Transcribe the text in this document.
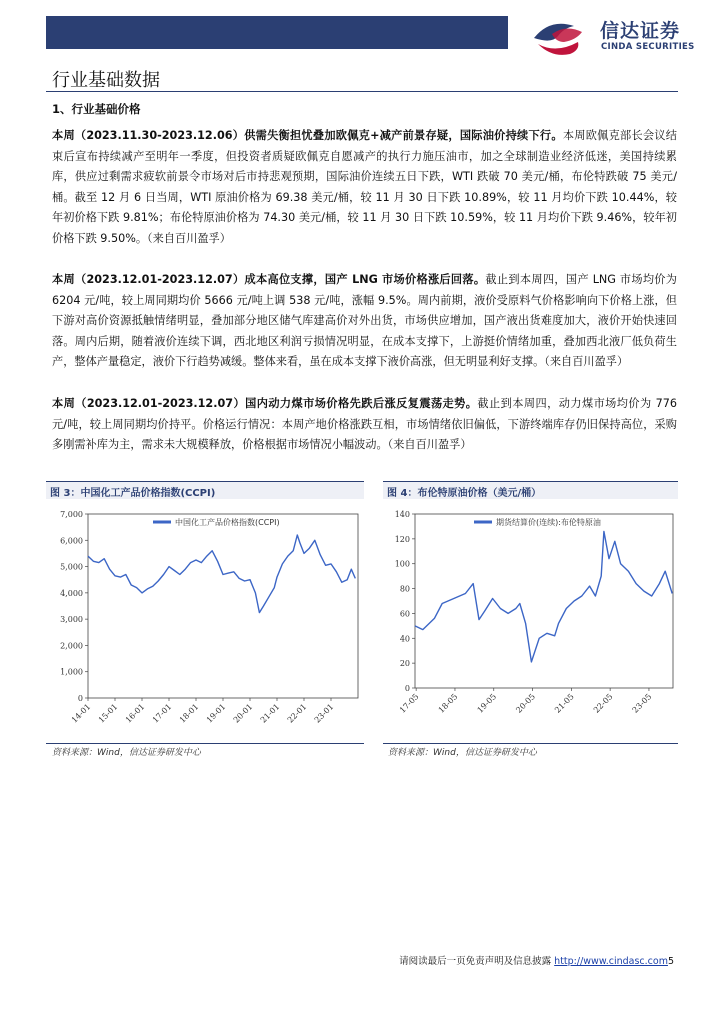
信达证券
CINDA SECURITIES
行业基础数据
1、行业基础价格

本周（2023.11.30-2023.12.06）供需失衡担忧叠加欧佩克+减产前景存疑，国际油价持续下行。本周欧佩克部长会议结束后宣布持续减产至明年一季度，但投资者质疑欧佩克自愿减产的执行力施压油市，加之全球制造业经济低迷，美国持续累库，供应过剩需求疲软前景令市场对后市持悲观预期，国际油价连续五日下跌，WTI 跌破 70 美元/桶，布伦特跌破 75 美元/桶。截至 12 月 6 日当周，WTI 原油价格为 69.38 美元/桶，较 11 月 30 日下跌 10.89%，较 11 月均价下跌 10.44%，较年初价格下跌 9.81%；布伦特原油价格为 74.30 美元/桶，较 11 月 30 日下跌 10.59%，较 11 月均价下跌 9.46%，较年初价格下跌 9.50%。（来自百川盈孚）

本周（2023.12.01-2023.12.07）成本高位支撑，国产 LNG 市场价格涨后回落。截止到本周四，国产 LNG 市场均价为 6204 元/吨，较上周同期均价 5666 元/吨上调 538 元/吨，涨幅 9.5%。周内前期，液价受原料气价格影响向下价格上涨，但下游对高价资源抵触情绪明显，叠加部分地区储气库建高价对外出货，市场供应增加，国产液出货难度加大，液价开始快速回落。周内后期，随着液价连续下调，西北地区利润亏损情况明显，在成本支撑下，上游挺价情绪加重，叠加西北液厂低负荷生产，整体产量稳定，液价下行趋势减缓。整体来看，虽在成本支撑下液价高涨，但无明显利好支撑。（来自百川盈孚）

本周（2023.12.01-2023.12.07）国内动力煤市场价格先跌后涨反复震荡走势。截止到本周四，动力煤市场均价为 776 元/吨，较上周同期均价持平。价格运行情况：本周产地价格涨跌互相，市场情绪依旧偏低，下游终端库存仍旧保持高位，采购多刚需补库为主，需求未大规模释放，价格根据市场情况小幅波动。（来自百川盈孚）

图 3：中国化工产品价格指数(CCPI)	图 4：布伦特原油价格（美元/桶）
0
1,000
2,000
3,000
4,000
5,000
6,000
7,000
14-01 15-01 16-01 17-01 18-01 19-01 20-01 21-01 22-01 23-01
中国化工产品价格指数(CCPI)
0
20
40
60
80
100
120
140
17-05 18-05 19-05 20-05 21-05 22-05 23-05
期货结算价(连续):布伦特原油
资料来源：Wind，信达证券研发中心	资料来源：Wind，信达证券研发中心
请阅读最后一页免责声明及信息披露 http://www.cindasc.com5
